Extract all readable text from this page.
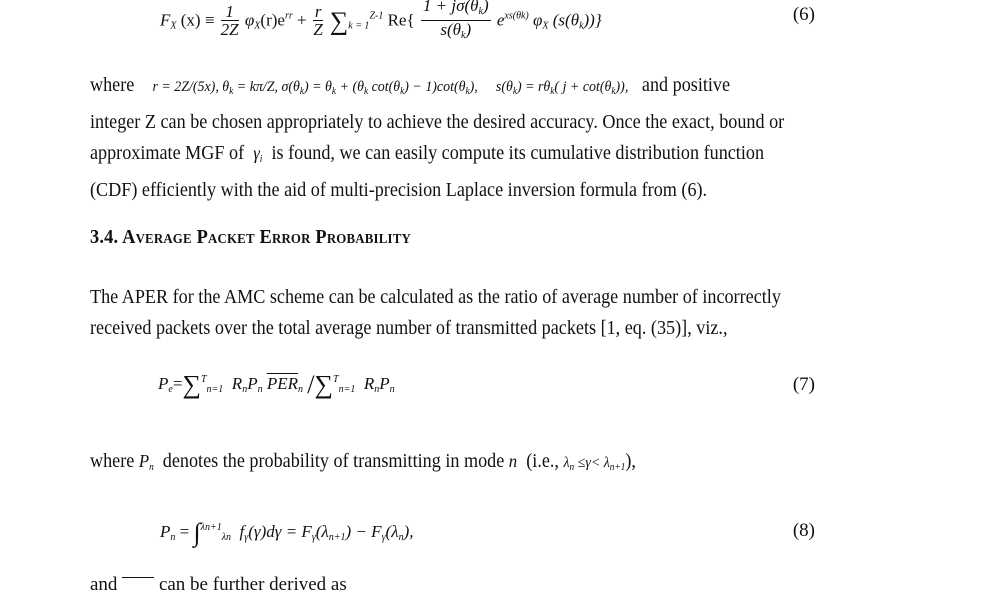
$F_X$ $(x) \equiv \frac{1}{2Z} \varphi_X(r)e^{rr} + \frac{r}{Z} \sum_{k = 1}^{Z-1}$ $Re\{ \frac{1 + j\sigma(\theta_k)}{s(\theta_k)} e^{xs(\theta k)}$ $\varphi_X$ $(s(\theta_k))$}	(6)
where r = 2Z/(5x), $\theta_k = k\pi/Z$, $\sigma(\theta_k) = \theta_k + (\theta_k$ $\cot(\theta_k) - 1)\cot(\theta_k)$, $s(\theta_k) = r\theta_k$( $j + \cot(\theta_k)$), and positive
integer Z can be chosen appropriately to achieve the desired accuracy. Once the exact, bound or
approximate MGF of $\gamma_i$ is found, we can easily compute its cumulative distribution function
(CDF) efficiently with the aid of multi-precision Laplace inversion formula from (6).
3.4. Average Packet Error Probability
The APER for the AMC scheme can be calculated as the ratio of average number of incorrectly
received packets over the total average number of transmitted packets [1, eq. (35)], viz.,
$P_e=\sum^T_{n=1}$ $R_nP_n$ $\overline{PER}_n$ /∑$^T_{n=1}$ $R_nP_n$	(7)
where $P_n$ denotes the probability of transmitting in mode n (i.e., $\lambda_n \le\gamma< \lambda_{n+1}$),
$P_n = \int^{\lambda n+1}_{\lambda n}$ $f_\gamma(\gamma)d\gamma = F_\gamma(\lambda_{n+1}) - F_\gamma(\lambda_n)$,	(8)
and can be further derived as
